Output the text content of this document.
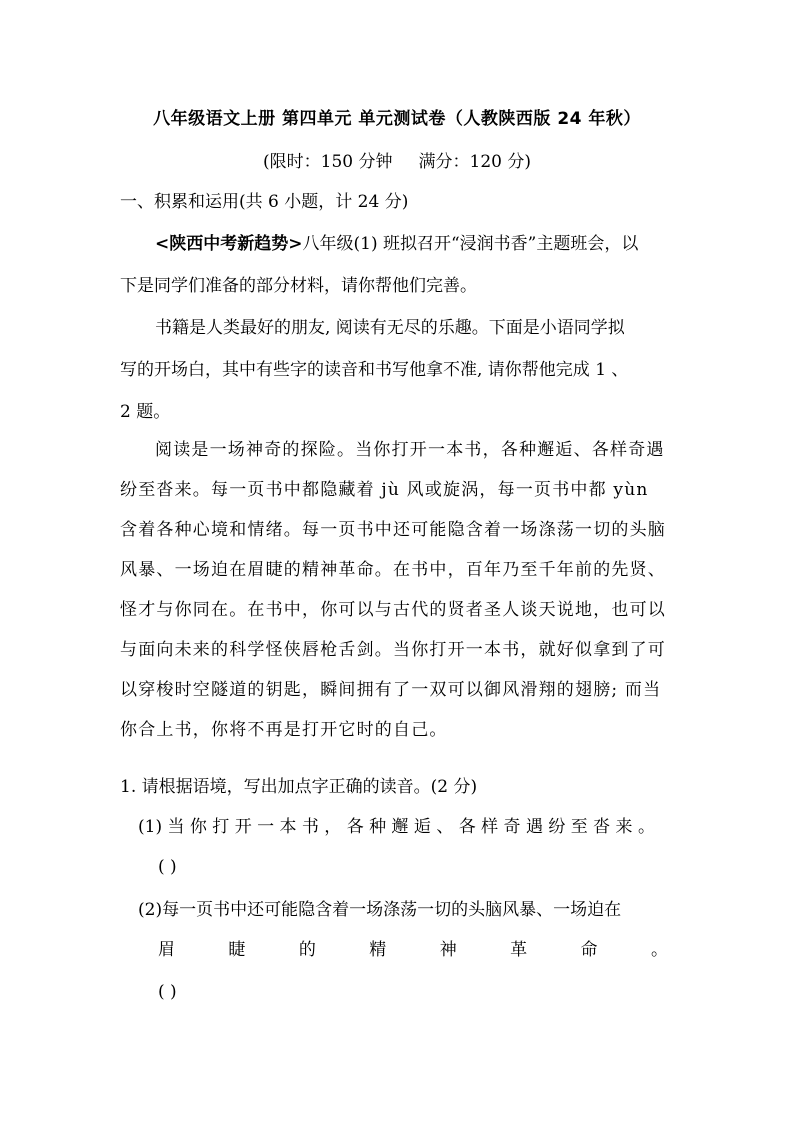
八年级语文上册 第四单元 单元测试卷（人教陕西版 24 年秋）
(限时：150 分钟 满分：120 分)
一、积累和运用(共 6 小题，计 24 分)
<陕西中考新趋势>八年级(1) 班拟召开“浸润书香”主题班会，以
下是同学们准备的部分材料，请你帮他们完善。
书籍是人类最好的朋友, 阅读有无尽的乐趣。下面是小语同学拟
写的开场白，其中有些字的读音和书写他拿不准, 请你帮他完成 1 、
2 题。
阅读是一场神奇的探险。当你打开一本书，各种邂逅、各样奇遇
纷至沓来。每一页书中都隐藏着 jù 风或旋涡，每一页书中都 yùn
含着各种心境和情绪。每一页书中还可能隐含着一场涤荡一切的头脑
风暴、一场迫在眉睫的精神革命。在书中，百年乃至千年前的先贤、
怪才与你同在。在书中，你可以与古代的贤者圣人谈天说地，也可以
与面向未来的科学怪侠唇枪舌剑。当你打开一本书，就好似拿到了可
以穿梭时空隧道的钥匙，瞬间拥有了一双可以御风滑翔的翅膀; 而当
你合上书，你将不再是打开它时的自己。
1. 请根据语境，写出加点字正确的读音。(2 分)
(1) 当 你 打 开 一 本 书 ， 各 种 邂 逅 、 各 样 奇 遇 纷 至 沓 来 。
( )
(2)每一页书中还可能隐含着一场涤荡一切的头脑风暴、一场迫在
眉	睫	的	精	神	革	命	。
( )
